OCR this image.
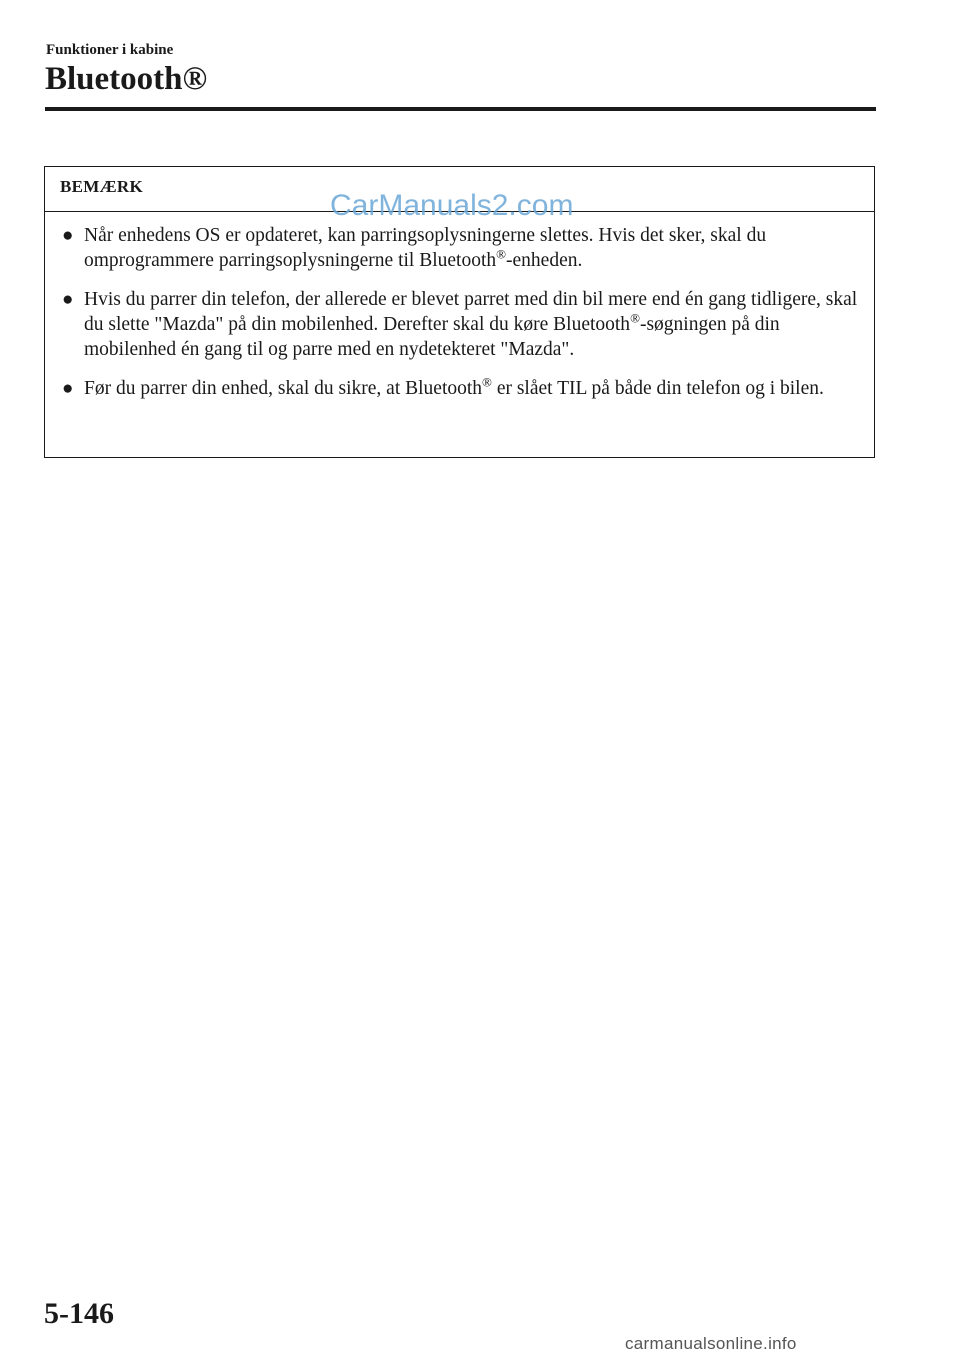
Funktioner i kabine
Bluetooth®
BEMÆRK
CarManuals2.com
● Når enhedens OS er opdateret, kan parringsoplysningerne slettes. Hvis det sker, skal du omprogrammere parringsoplysningerne til Bluetooth®-enheden.
● Hvis du parrer din telefon, der allerede er blevet parret med din bil mere end én gang tidligere, skal du slette "Mazda" på din mobilenhed. Derefter skal du køre Bluetooth®-søgningen på din mobilenhed én gang til og parre med en nydetekteret "Mazda".
● Før du parrer din enhed, skal du sikre, at Bluetooth® er slået TIL på både din telefon og i bilen.
5-146
carmanualsonline.info
